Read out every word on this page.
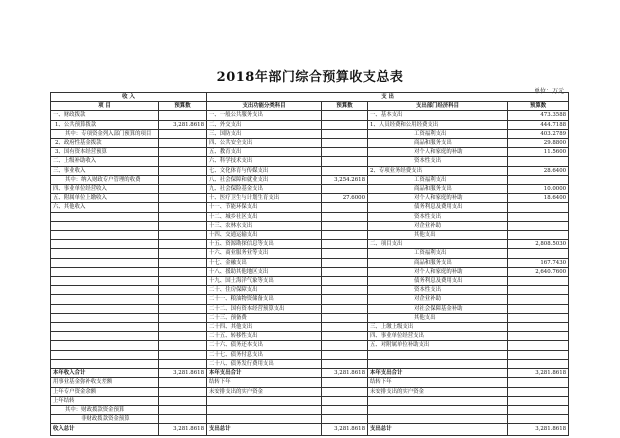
2018年部门综合预算收支总表
单位：万元
收 入		支 出			
项 目	预算数	支出功能分类科目	预算数	支出部门经济科目	预算数
一、财政拨款		一、一般公共服务支出		一、基本支出	473.3588
1、公共预算拨款	3,281.8618	二、外交支出		1、人员经费和公用经费支出	444.7188
其中：专项资金列入部门预算的项目		三、国防支出		工资福利支出	403.2789
2、政府性基金拨款		四、公共安全支出		商品和服务支出	29.8800
3、国有资本经营预算		五、教育支出		对个人和家庭的补助	11.5600
二、上级补助收入		六、科学技术支出		资本性支出	
三、事业收入		七、文化体育与传媒支出		2、专项业务经费支出	28.6400
其中：纳入财政专户管理的收费		八、社会保障和就业支出	3,254.2618	工资福利支出	
四、事业单位经营收入		九、社会保险基金支出		商品和服务支出	10.0000
五、附属单位上缴收入		十、医疗卫生与计划生育支出	27.6000	对个人和家庭的补助	18.6400
六、其他收入		十一、节能环保支出		债务利息及费用支出	
		十二、城乡社区支出		资本性支出	
		十三、农林水支出		对企业补助	
		十四、交通运输支出		其他支出	
		十五、资源勘探信息等支出		二、项目支出	2,808.5030
		十六、商业服务业等支出		工资福利支出	
		十七、金融支出		商品和服务支出	167.7430
		十八、援助其他地区支出		对个人和家庭的补助	2,640.7600
		十九、国土海洋气象等支出		债务利息及费用支出	
		二十、住房保障支出		资本性支出	
		二十一、粮油物资储备支出		对企业补助	
		二十二、国有资本经营预算支出		对社会保障基金补助	
		二十三、预备费		其他支出	
		二十四、其他支出		三、上缴上级支出	
		二十五、转移性支出		四、事业单位经营支出	
		二十六、债务还本支出		五、对附属单位补助支出	
		二十七、债务付息支出			
		二十八、债务发行费用支出			
本年收入合计	3,281.8618	本年支出合计	3,281.8618	本年支出合计	3,281.8618
用事业基金弥补收支差额		结转下年		结转下年	
上年专户资金余额		未安排支出的实户资金		未安排支出的实户资金	
上年结转					
其中：财政拨款资金预算					
非财政拨款资金预算					
收入总计	3,281.8618	支出总计	3,281.8618	支出总计	3,281.8618
